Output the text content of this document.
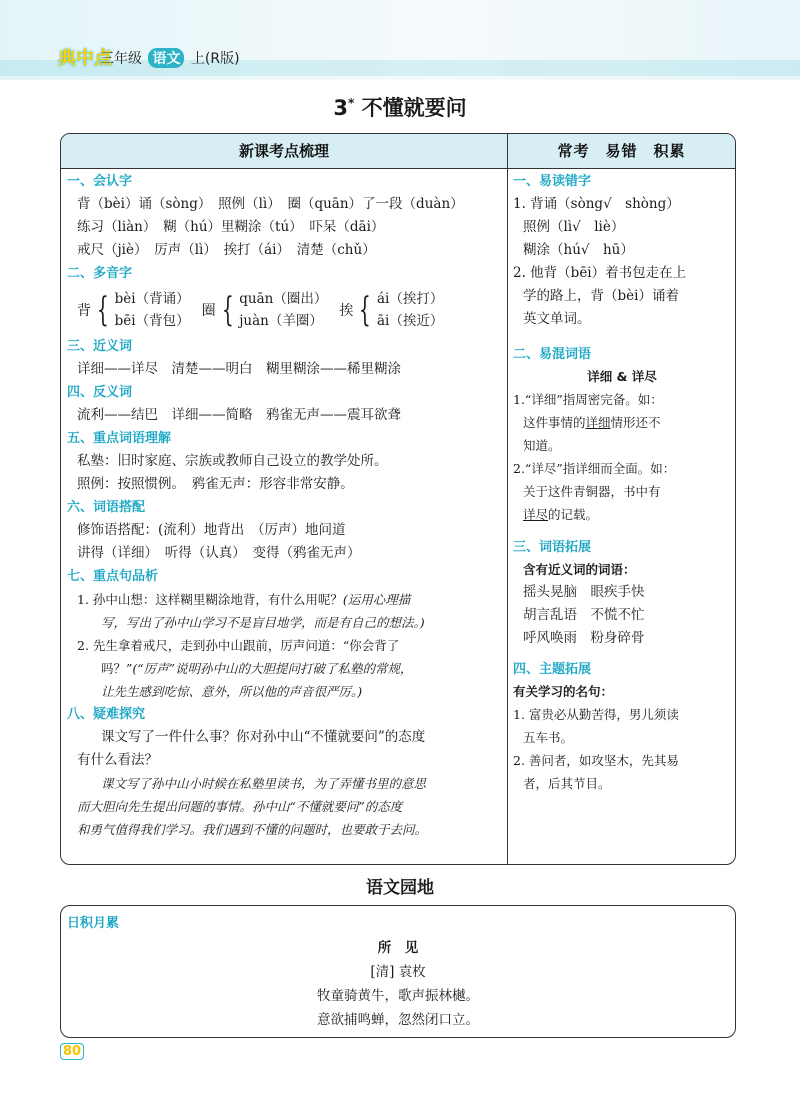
典中点
三年级 语文 上(R版)
3* 不懂就要问
新课考点梳理	常考　易错　积累
一、会认字
背（bèi）诵（sòng）　照例（lì）　圈（quān）了一段（duàn）
练习（liàn）　糊（hú）里糊涂（tú）　吓呆（dāi）
戒尺（jiè）　厉声（lì）　挨打（ái）　清楚（chǔ）
二、多音字
背 { bèi（背诵）
bēi（背包）
圈 { quān（圈出）
juàn（羊圈）
挨 { ái（挨打）
āi（挨近）
三、近义词
详细——详尽　清楚——明白　糊里糊涂——稀里糊涂
四、反义词
流利——结巴　详细——简略　鸦雀无声——震耳欲聋
五、重点词语理解
私塾：旧时家庭、宗族或教师自己设立的教学处所。
照例：按照惯例。　鸦雀无声：形容非常安静。
六、词语搭配
修饰语搭配：(流利）地背出　（厉声）地问道
讲得（详细）　听得（认真）　变得（鸦雀无声）
七、重点句品析
1. 孙中山想：这样糊里糊涂地背，有什么用呢？(运用心理描
写，写出了孙中山学习不是盲目地学，而是有自己的想法。)
2. 先生拿着戒尺，走到孙中山跟前，厉声问道：“你会背了
吗？”(“厉声”说明孙中山的大胆提问打破了私塾的常规，
让先生感到吃惊、意外，所以他的声音很严厉。)
八、疑难探究
课文写了一件什么事？你对孙中山“不懂就要问”的态度
有什么看法？
课文写了孙中山小时候在私塾里读书，为了弄懂书里的意思
而大胆向先生提出问题的事情。孙中山“不懂就要问”的态度
和勇气值得我们学习。我们遇到不懂的问题时，也要敢于去问。
一、易读错字
1. 背诵（sòng√　shòng）
照例（lì√　liè）
糊涂（hú√　hū）
2. 他背（bēi）着书包走在上
学的路上，背（bèi）诵着
英文单词。
二、易混词语
详细 & 详尽
1.“详细”指周密完备。如：
这件事情的详细情形还不
知道。
2.“详尽”指详细而全面。如：
关于这件青铜器，书中有
详尽的记载。
三、词语拓展
含有近义词的词语：
摇头晃脑　眼疾手快
胡言乱语　不慌不忙
呼风唤雨　粉身碎骨
四、主题拓展
有关学习的名句：
1. 富贵必从勤苦得，男儿须读
五车书。
2. 善问者，如攻坚木，先其易
者，后其节目。
语文园地
日积月累
所　见
[清] 袁枚
牧童骑黄牛，歌声振林樾。
意欲捕鸣蝉，忽然闭口立。
80
